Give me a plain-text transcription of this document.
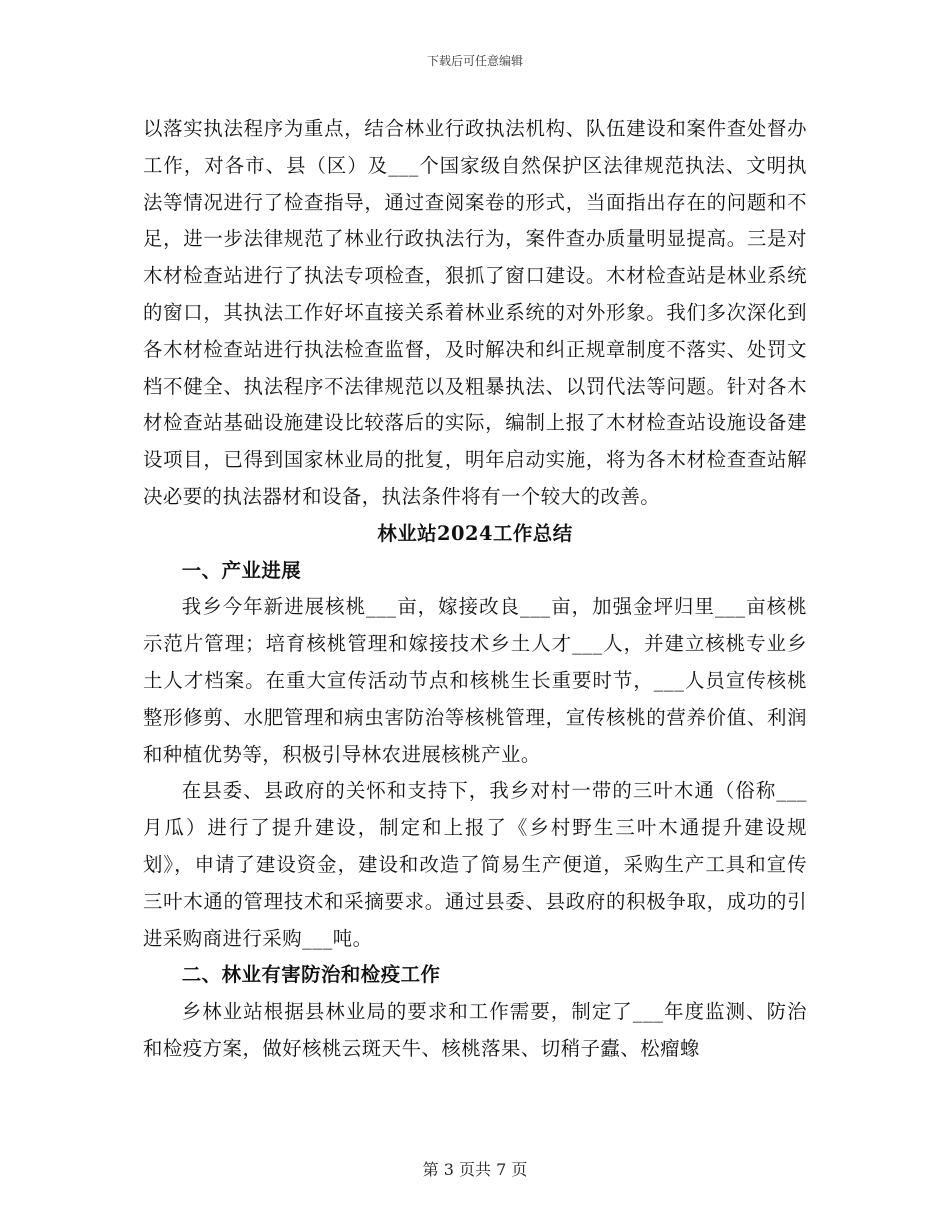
下载后可任意编辑

以落实执法程序为重点，结合林业行政执法机构、队伍建设和案件查处督办工作，对各市、县（区）及___个国家级自然保护区法律规范执法、文明执法等情况进行了检查指导，通过查阅案卷的形式，当面指出存在的问题和不足，进一步法律规范了林业行政执法行为，案件查办质量明显提高。三是对木材检查站进行了执法专项检查，狠抓了窗口建设。木材检查站是林业系统的窗口，其执法工作好坏直接关系着林业系统的对外形象。我们多次深化到各木材检查站进行执法检查监督，及时解决和纠正规章制度不落实、处罚文档不健全、执法程序不法律规范以及粗暴执法、以罚代法等问题。针对各木材检查站基础设施建设比较落后的实际，编制上报了木材检查站设施设备建设项目，已得到国家林业局的批复，明年启动实施，将为各木材检查查站解决必要的执法器材和设备，执法条件将有一个较大的改善。

林业站2024工作总结

一、产业进展

我乡今年新进展核桃___亩，嫁接改良___亩，加强金坪归里___亩核桃示范片管理；培育核桃管理和嫁接技术乡土人才___人，并建立核桃专业乡土人才档案。在重大宣传活动节点和核桃生长重要时节，___人员宣传核桃整形修剪、水肥管理和病虫害防治等核桃管理，宣传核桃的营养价值、利润和种植优势等，积极引导林农进展核桃产业。

在县委、县政府的关怀和支持下，我乡对村一带的三叶木通（俗称___月瓜）进行了提升建设，制定和上报了《乡村野生三叶木通提升建设规划》，申请了建设资金，建设和改造了简易生产便道，采购生产工具和宣传三叶木通的管理技术和采摘要求。通过县委、县政府的积极争取，成功的引进采购商进行采购___吨。

二、林业有害防治和检疫工作

乡林业站根据县林业局的要求和工作需要，制定了___年度监测、防治和检疫方案，做好核桃云斑天牛、核桃落果、切稍子蠹、松瘤蟓

第 3 页共 7 页
